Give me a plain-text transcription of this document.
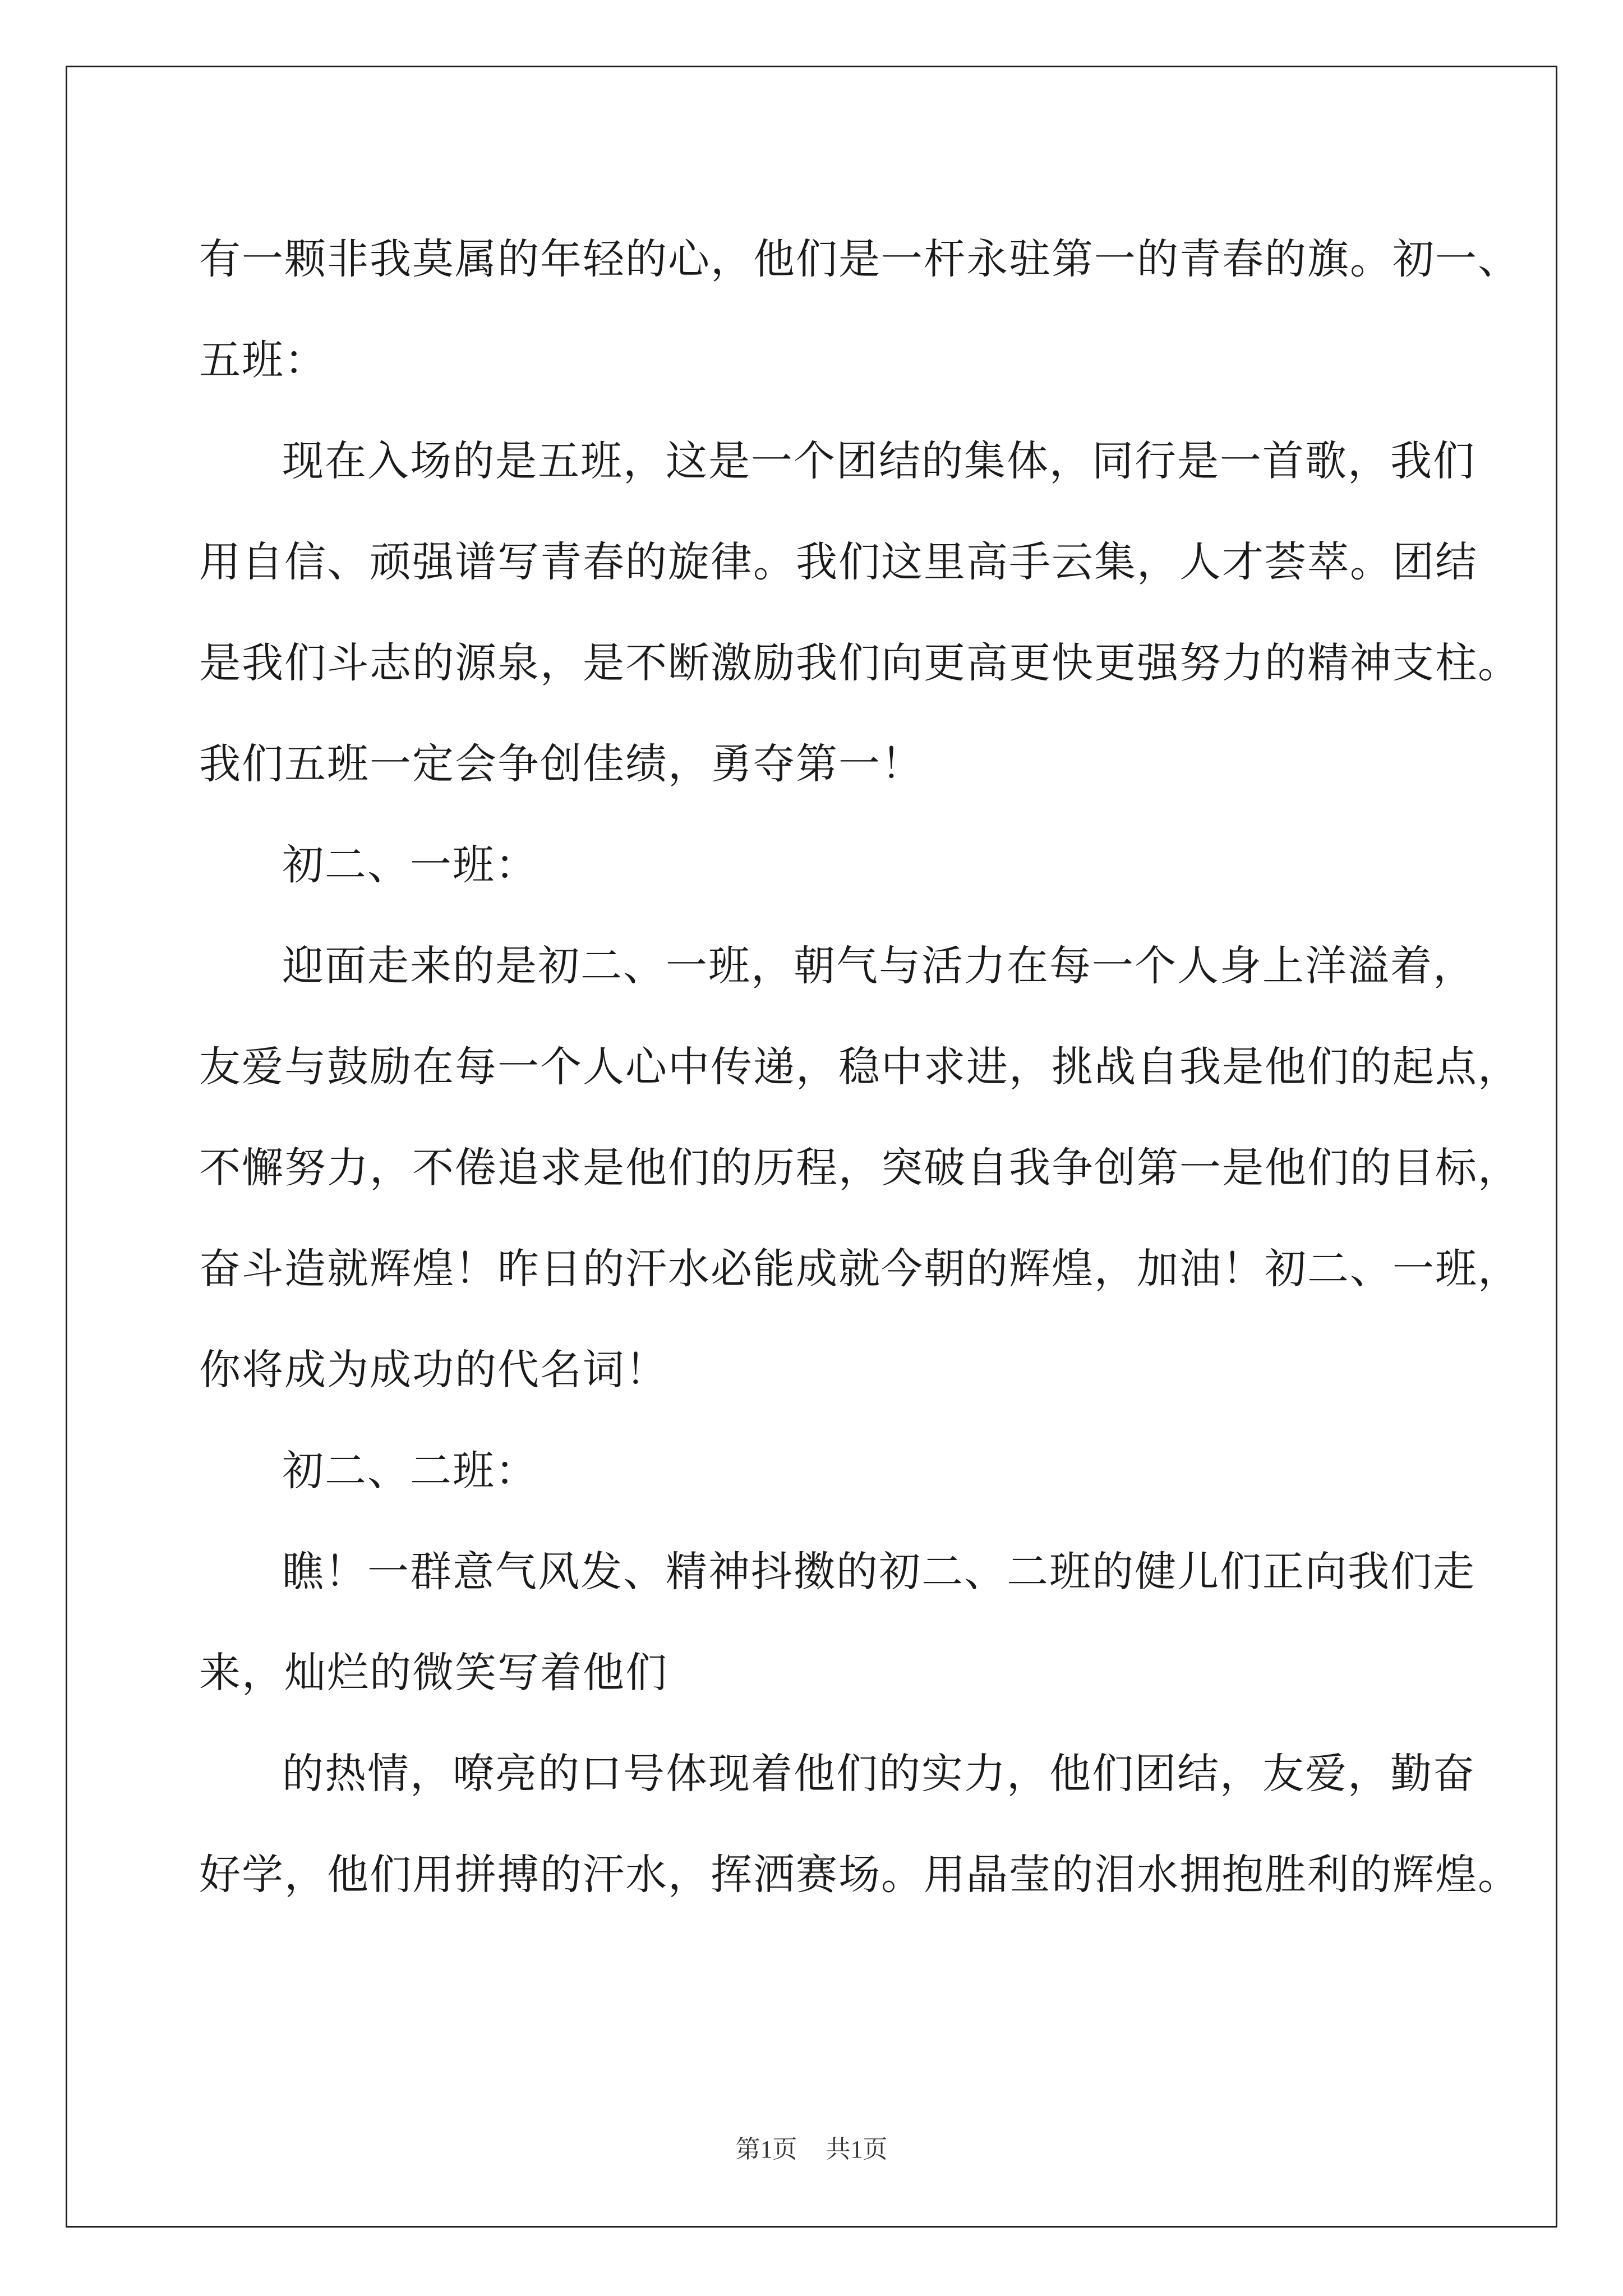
有一颗非我莫属的年轻的心，他们是一杆永驻第一的青春的旗。初一、
五班：
现在入场的是五班，这是一个团结的集体，同行是一首歌，我们
用自信、顽强谱写青春的旋律。我们这里高手云集，人才荟萃。团结
是我们斗志的源泉，是不断激励我们向更高更快更强努力的精神支柱。
我们五班一定会争创佳绩，勇夺第一！
初二、一班：
迎面走来的是初二、一班，朝气与活力在每一个人身上洋溢着，
友爱与鼓励在每一个人心中传递，稳中求进，挑战自我是他们的起点，
不懈努力，不倦追求是他们的历程，突破自我争创第一是他们的目标，
奋斗造就辉煌！昨日的汗水必能成就今朝的辉煌，加油！初二、一班，
你将成为成功的代名词！
初二、二班：
瞧！一群意气风发、精神抖擞的初二、二班的健儿们正向我们走
来，灿烂的微笑写着他们
的热情，嘹亮的口号体现着他们的实力，他们团结，友爱，勤奋
好学，他们用拼搏的汗水，挥洒赛场。用晶莹的泪水拥抱胜利的辉煌。
第1页 共1页
